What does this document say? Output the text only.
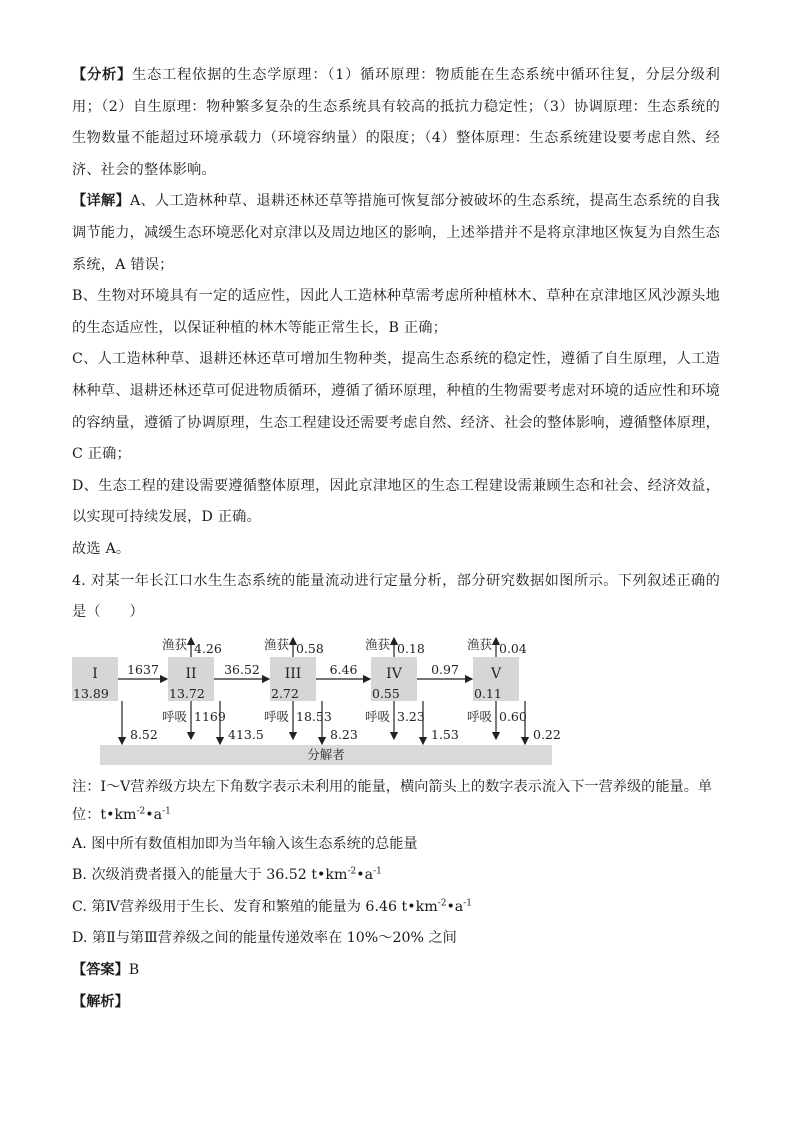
【分析】生态工程依据的生态学原理：（1）循环原理：物质能在生态系统中循环往复，分层分级利用；（2）自生原理：物种繁多复杂的生态系统具有较高的抵抗力稳定性；（3）协调原理：生态系统的生物数量不能超过环境承载力（环境容纳量）的限度；（4）整体原理：生态系统建设要考虑自然、经济、社会的整体影响。

【详解】A、人工造林种草、退耕还林还草等措施可恢复部分被破坏的生态系统，提高生态系统的自我调节能力，减缓生态环境恶化对京津以及周边地区的影响，上述举措并不是将京津地区恢复为自然生态系统，A 错误；

B、生物对环境具有一定的适应性，因此人工造林种草需考虑所种植林木、草种在京津地区风沙源头地的生态适应性，以保证种植的林木等能正常生长，B 正确；

C、人工造林种草、退耕还林还草可增加生物种类，提高生态系统的稳定性，遵循了自生原理，人工造林种草、退耕还林还草可促进物质循环，遵循了循环原理，种植的生物需要考虑对环境的适应性和环境的容纳量，遵循了协调原理，生态工程建设还需要考虑自然、经济、社会的整体影响，遵循整体原理，C 正确；

D、生态工程的建设需要遵循整体原理，因此京津地区的生态工程建设需兼顾生态和社会、经济效益，以实现可持续发展，D 正确。

故选 A。

4. 对某一年长江口水生生态系统的能量流动进行定量分析，部分研究数据如图所示。下列叙述正确的是（　　）

分解者
I
13.89
II
13.72
III
2.72
IV
0.55
V
0.11
1637	36.52	6.46	0.97
渔获 4.26	渔获 0.58	渔获 0.18	渔获 0.04
呼吸 1169	呼吸 18.53	呼吸 3.23	呼吸 0.60
8.52	413.5	8.23	1.53	0.22

注：Ⅰ～Ⅴ营养级方块左下角数字表示未利用的能量，横向箭头上的数字表示流入下一营养级的能量。单位：$t•km^{-2}•a^{-1}$

A. 图中所有数值相加即为当年输入该生态系统的总能量

B. 次级消费者摄入的能量大于 36.52 $t•km^{-2}•a^{-1}$

C. 第Ⅳ营养级用于生长、发育和繁殖的能量为 6.46 $t•km^{-2}•a^{-1}$

D. 第Ⅱ与第Ⅲ营养级之间的能量传递效率在 10%～20% 之间

【答案】B

【解析】
